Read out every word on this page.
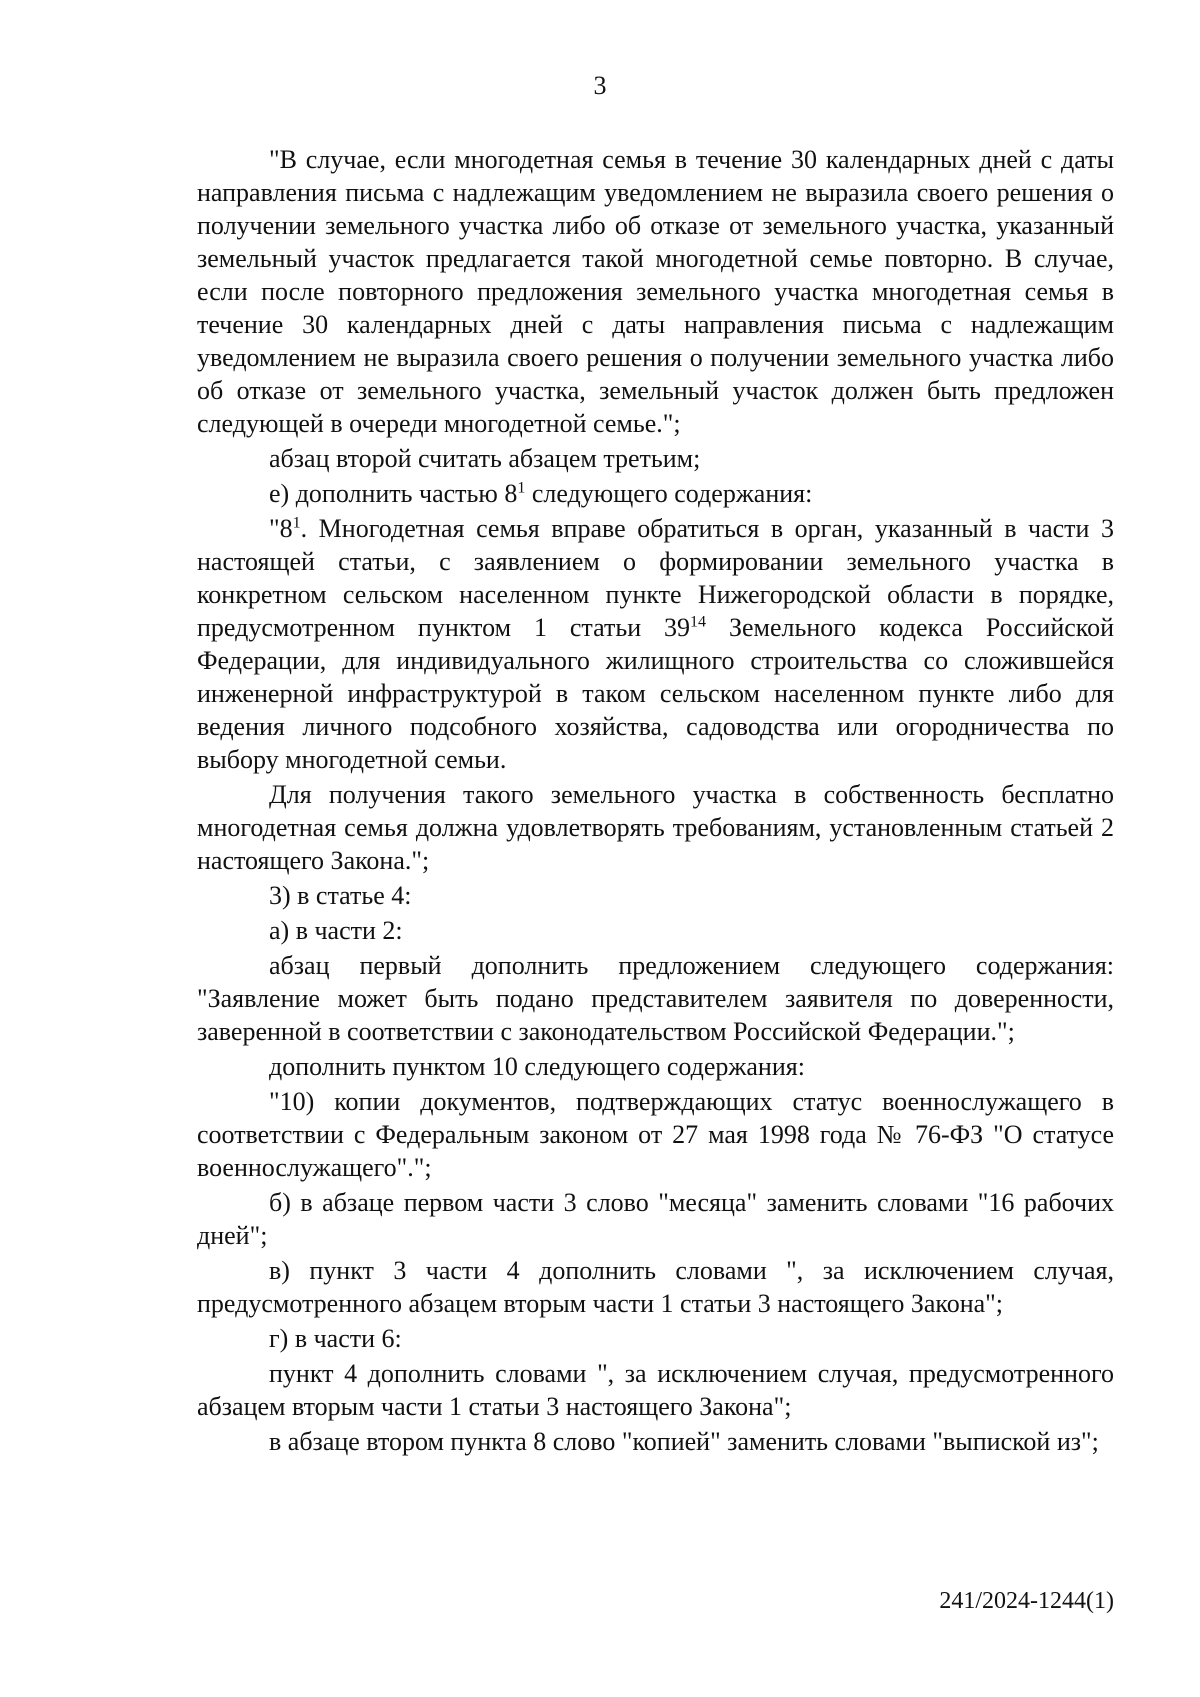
3

"В случае, если многодетная семья в течение 30 календарных дней с даты направления письма с надлежащим уведомлением не выразила своего решения о получении земельного участка либо об отказе от земельного участка, указанный земельный участок предлагается такой многодетной семье повторно. В случае, если после повторного предложения земельного участка многодетная семья в течение 30 календарных дней с даты направления письма с надлежащим уведомлением не выразила своего решения о получении земельного участка либо об отказе от земельного участка, земельный участок должен быть предложен следующей в очереди многодетной семье.";

абзац второй считать абзацем третьим;

е) дополнить частью $8^1$ следующего содержания:

"$8^1$. Многодетная семья вправе обратиться в орган, указанный в части 3 настоящей статьи, с заявлением о формировании земельного участка в конкретном сельском населенном пункте Нижегородской области в порядке, предусмотренном пунктом 1 статьи $39^{14}$ Земельного кодекса Российской Федерации, для индивидуального жилищного строительства со сложившейся инженерной инфраструктурой в таком сельском населенном пункте либо для ведения личного подсобного хозяйства, садоводства или огородничества по выбору многодетной семьи.

Для получения такого земельного участка в собственность бесплатно многодетная семья должна удовлетворять требованиям, установленным статьей 2 настоящего Закона.";

3) в статье 4:

а) в части 2:

абзац первый дополнить предложением следующего содержания: "Заявление может быть подано представителем заявителя по доверенности, заверенной в соответствии с законодательством Российской Федерации.";

дополнить пунктом 10 следующего содержания:

"10) копии документов, подтверждающих статус военнослужащего в соответствии с Федеральным законом от 27 мая 1998 года № 76-ФЗ "О статусе военнослужащего".";

б) в абзаце первом части 3 слово "месяца" заменить словами "16 рабочих дней";

в) пункт 3 части 4 дополнить словами ", за исключением случая, предусмотренного абзацем вторым части 1 статьи 3 настоящего Закона";

г) в части 6:

пункт 4 дополнить словами ", за исключением случая, предусмотренного абзацем вторым части 1 статьи 3 настоящего Закона";

в абзаце втором пункта 8 слово "копией" заменить словами "выпиской из";

241/2024-1244(1)
